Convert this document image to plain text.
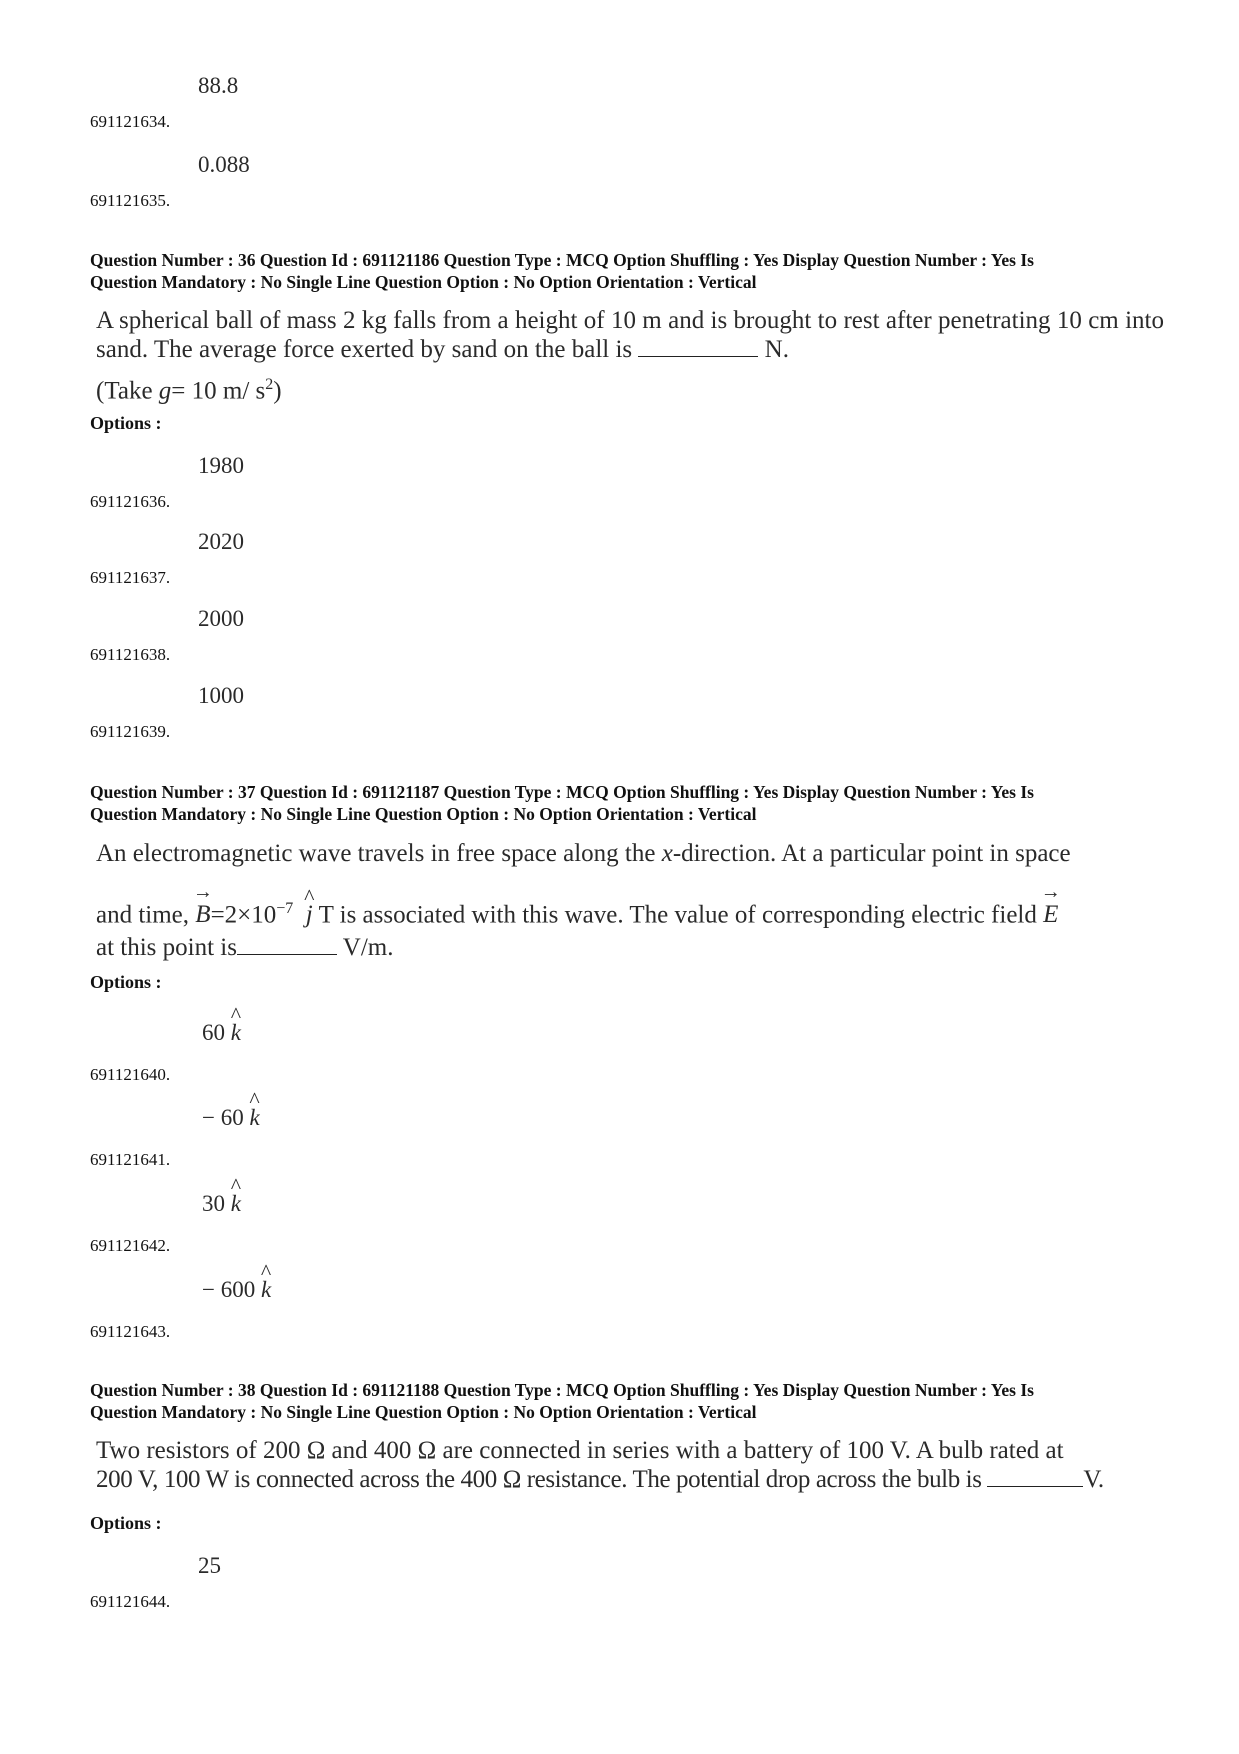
691121634.
88.8
691121635.
0.088
Question Number : 36 Question Id : 691121186 Question Type : MCQ Option Shuffling : Yes Display Question Number : Yes Is
Question Mandatory : No Single Line Question Option : No Option Orientation : Vertical
A spherical ball of mass 2 kg falls from a height of 10 m and is brought to rest after penetrating 10 cm into sand. The average force exerted by sand on the ball is	N.
(Take g= 10 m/ $s^2$)
Options :
691121636.
1980
691121637.
2020
691121638.
2000
691121639.
1000
Question Number : 37 Question Id : 691121187 Question Type : MCQ Option Shuffling : Yes Display Question Number : Yes Is
Question Mandatory : No Single Line Question Option : No Option Orientation : Vertical
An electromagnetic wave travels in free space along the x-direction. At a particular point in space
and time, → $B=2\times 10^{-7}$ ^ j T is associated with this wave. The value of corresponding electric field → E
at this point is	V/m.
Options :
691121640.
60 ^ k
691121641.
− 60 ^ k
691121642.
30 ^ k
691121643.
− 600 ^ k
Question Number : 38 Question Id : 691121188 Question Type : MCQ Option Shuffling : Yes Display Question Number : Yes Is
Question Mandatory : No Single Line Question Option : No Option Orientation : Vertical
Two resistors of 200 Ω and 400 Ω are connected in series with a battery of 100 V. A bulb rated at
200 V, 100 W is connected across the 400 Ω resistance. The potential drop across the bulb is	V.
Options :
691121644.
25
